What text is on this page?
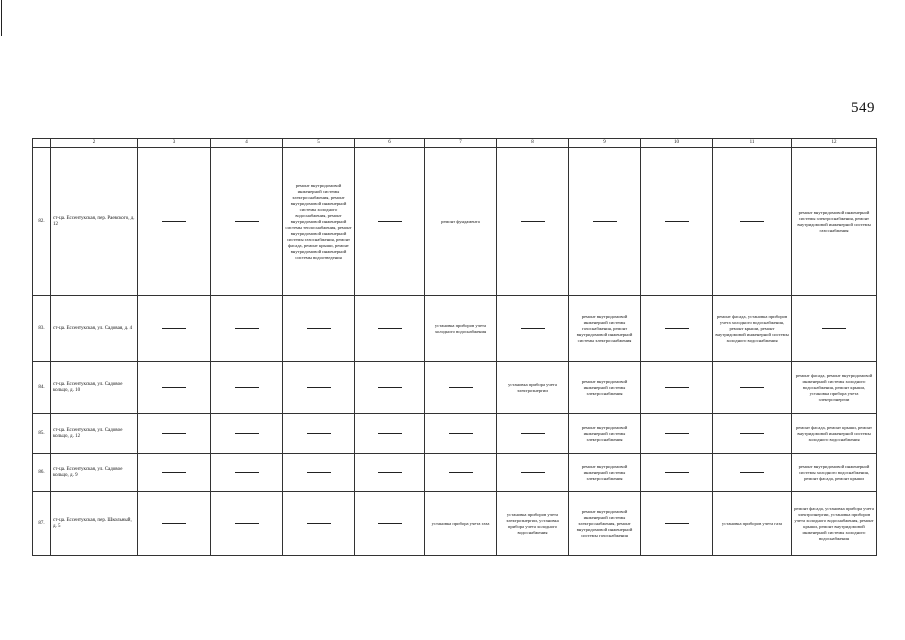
549
	2	3	4	5	6	7	8	9	10	11	12
82.	ст-ца. Ессентукская, пер. Раевского, д. 12			ремонт внутридомовой инженерной системы электроснабжения, ремонт внутридомовой инженерной системы холодного водоснабжения, ремонт внутридомовой инженерной системы теплоснабжения, ремонт внутридомовой инженерной системы газоснабжения, ремонт фасада, ремонт крыши, ремонт внутридомовой инженерной системы водоотведения		ремонт фундамента					ремонт внутридомовой инженерной системы электроснабжения, ремонт внутридомовой инженерной системы газоснабжения
83.	ст-ца. Ессентукская, ул. Садовая, д. 4					установка приборов учета холодного водоснабжения		ремонт внутридомовой инженерной системы газоснабжения, ремонт внутридомовой инженерной системы электроснабжения		ремонт фасада, установка приборов учета холодного водоснабжения, ремонт крыши, ремонт внутридомовой инженерной системы холодного водоснабжения	
84.	ст-ца. Ессентукская, ул. Садовое кольцо, д. 10						установка прибора учета электроэнергии	ремонт внутридомовой инженерной системы электроснабжения			ремонт фасада, ремонт внутридомовой инженерной системы холодного водоснабжения, ремонт крыши, установка прибора учета электроэнергии
85.	ст-ца. Ессентукская, ул. Садовое кольцо, д. 12							ремонт внутридомовой инженерной системы электроснабжения			ремонт фасада, ремонт крыши, ремонт внутридомовой инженерной системы холодного водоснабжения
86.	ст-ца. Ессентукская, ул. Садовое кольцо, д. 9							ремонт внутридомовой инженерной системы электроснабжения			ремонт внутридомовой инженерной системы холодного водоснабжения, ремонт фасада, ремонт крыши
87.	ст-ца. Ессентукская, пер. Школьный, д. 5					установка прибора учета газа	установка приборов учета электроэнергии, установка прибора учета холодного водоснабжения	ремонт внутридомовой инженерной системы электроснабжения, ремонт внутридомовой инженерной системы газоснабжения		установка приборов учета газа	ремонт фасада, установка прибора учета электроэнергии, установка приборов учета холодного водоснабжения, ремонт крыши, ремонт внутридомовой инженерной системы холодного водоснабжения
